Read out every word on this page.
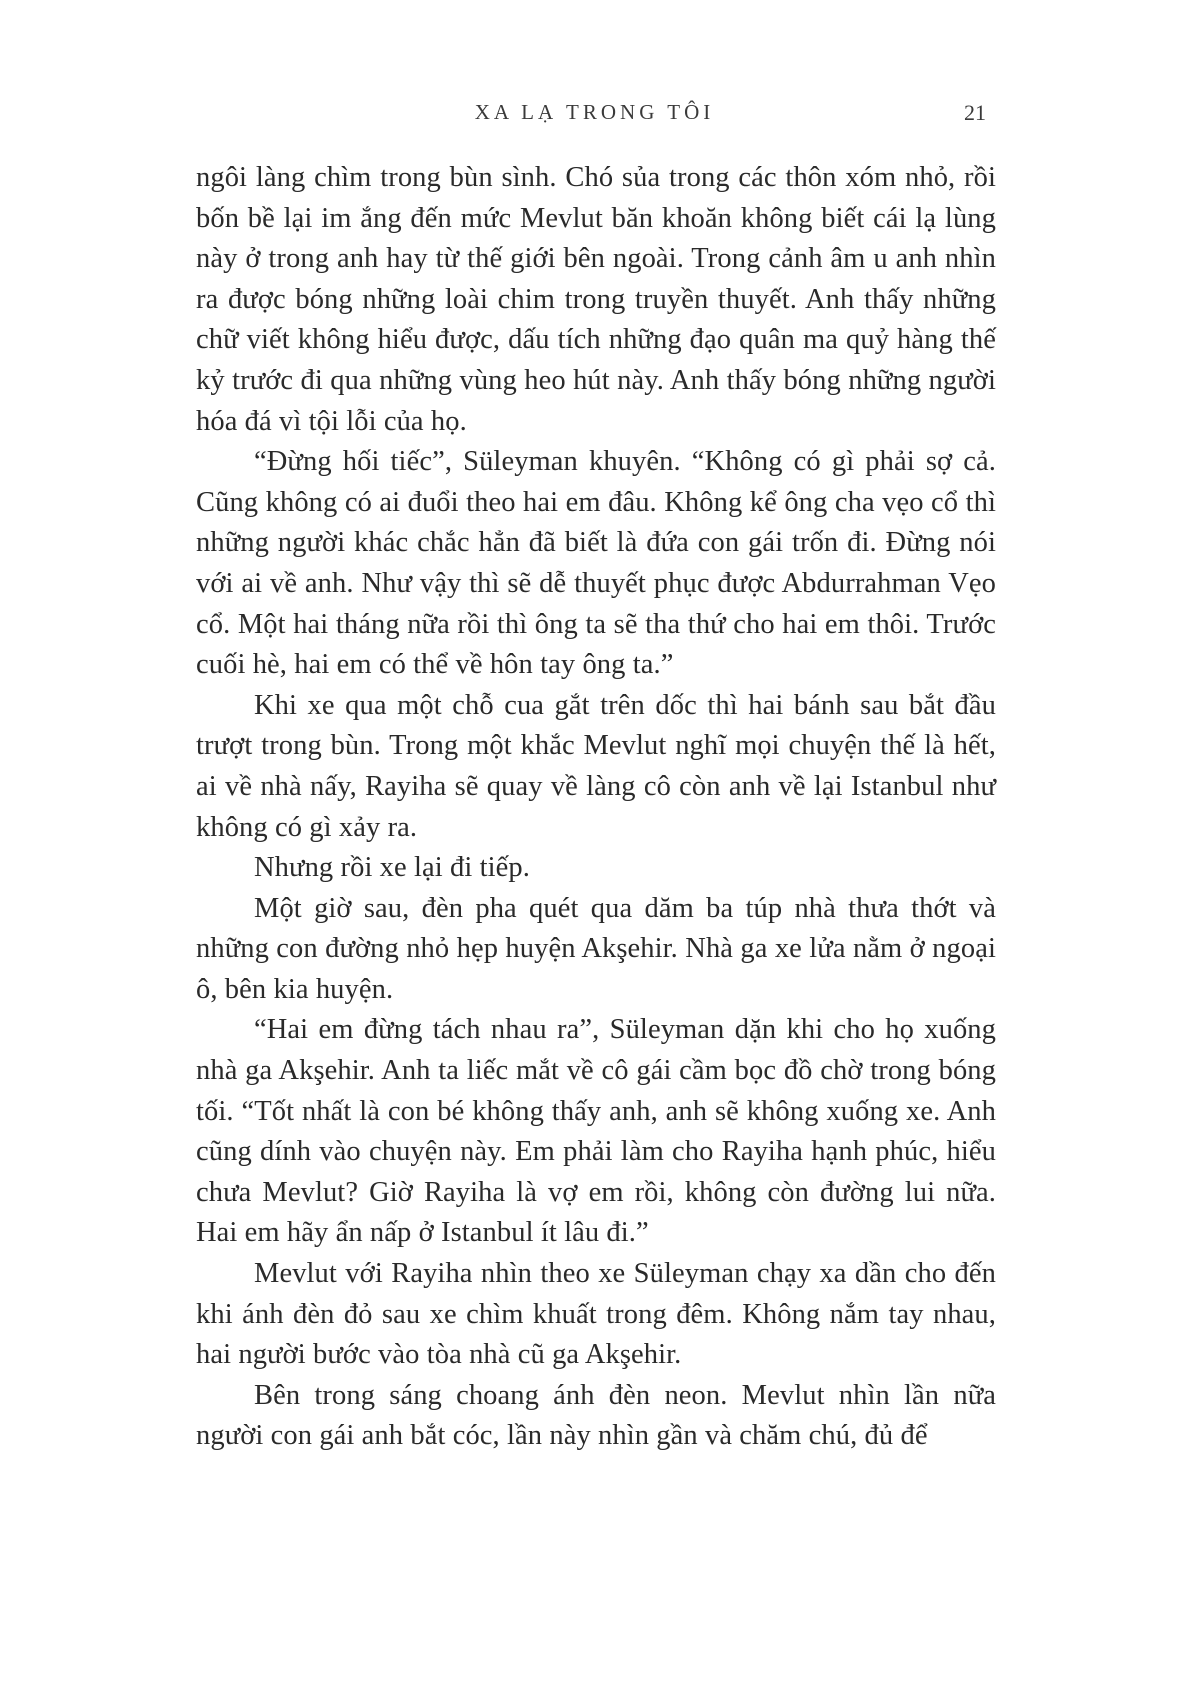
XA LẠ TRONG TÔI	21

ngôi làng chìm trong bùn sình. Chó sủa trong các thôn xóm nhỏ, rồi bốn bề lại im ắng đến mức Mevlut băn khoăn không biết cái lạ lùng này ở trong anh hay từ thế giới bên ngoài. Trong cảnh âm u anh nhìn ra được bóng những loài chim trong truyền thuyết. Anh thấy những chữ viết không hiểu được, dấu tích những đạo quân ma quỷ hàng thế kỷ trước đi qua những vùng heo hút này. Anh thấy bóng những người hóa đá vì tội lỗi của họ.

“Đừng hối tiếc”, Süleyman khuyên. “Không có gì phải sợ cả. Cũng không có ai đuổi theo hai em đâu. Không kể ông cha vẹo cổ thì những người khác chắc hẳn đã biết là đứa con gái trốn đi. Đừng nói với ai về anh. Như vậy thì sẽ dễ thuyết phục được Abdurrahman Vẹo cổ. Một hai tháng nữa rồi thì ông ta sẽ tha thứ cho hai em thôi. Trước cuối hè, hai em có thể về hôn tay ông ta.”

Khi xe qua một chỗ cua gắt trên dốc thì hai bánh sau bắt đầu trượt trong bùn. Trong một khắc Mevlut nghĩ mọi chuyện thế là hết, ai về nhà nấy, Rayiha sẽ quay về làng cô còn anh về lại Istanbul như không có gì xảy ra.

Nhưng rồi xe lại đi tiếp.

Một giờ sau, đèn pha quét qua dăm ba túp nhà thưa thớt và những con đường nhỏ hẹp huyện Akşehir. Nhà ga xe lửa nằm ở ngoại ô, bên kia huyện.

“Hai em đừng tách nhau ra”, Süleyman dặn khi cho họ xuống nhà ga Akşehir. Anh ta liếc mắt về cô gái cầm bọc đồ chờ trong bóng tối. “Tốt nhất là con bé không thấy anh, anh sẽ không xuống xe. Anh cũng dính vào chuyện này. Em phải làm cho Rayiha hạnh phúc, hiểu chưa Mevlut? Giờ Rayiha là vợ em rồi, không còn đường lui nữa. Hai em hãy ẩn nấp ở Istanbul ít lâu đi.”

Mevlut với Rayiha nhìn theo xe Süleyman chạy xa dần cho đến khi ánh đèn đỏ sau xe chìm khuất trong đêm. Không nắm tay nhau, hai người bước vào tòa nhà cũ ga Akşehir.

Bên trong sáng choang ánh đèn neon. Mevlut nhìn lần nữa người con gái anh bắt cóc, lần này nhìn gần và chăm chú, đủ để
